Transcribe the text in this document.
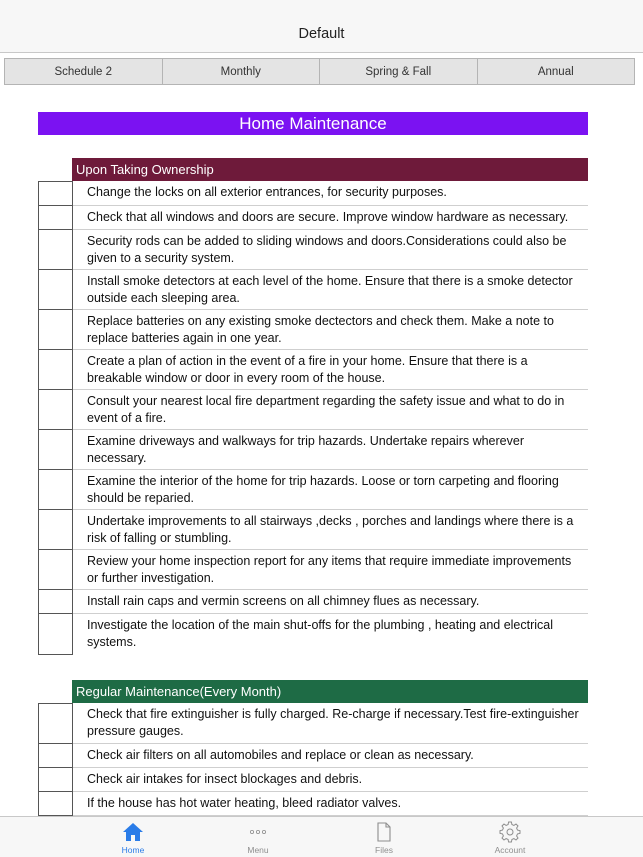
Default
Schedule 2	Monthly	Spring & Fall	Annual
Home Maintenance
Upon Taking Ownership
Change the locks on all exterior entrances, for security purposes.
Check that all windows and doors are secure. Improve window hardware as necessary.
Security rods can be added to sliding windows and doors.Considerations could also be given to a security system.
Install smoke detectors at each level of the home. Ensure that there is a smoke detector outside each sleeping area.
Replace batteries on any existing smoke dectectors and check them. Make a note to replace batteries again in one year.
Create a plan of action in the event of a fire in your home. Ensure that there is a breakable window or door in every room of the house.
Consult your nearest local fire department regarding the safety issue and what to do in event of a fire.
Examine driveways and walkways for trip hazards. Undertake repairs wherever necessary.
Examine the interior of the home for trip hazards. Loose or torn carpeting and flooring should be reparied.
Undertake improvements to all stairways ,decks , porches and landings where there is a risk of falling or stumbling.
Review your home inspection report for any items that require immediate improvements or further investigation.
Install rain caps and vermin screens on all chimney flues as necessary.
Investigate the location of the main shut-offs for the plumbing , heating and electrical systems.
Regular Maintenance(Every Month)
Check that fire extinguisher is fully charged. Re-charge if necessary.Test fire-extinguisher pressure gauges.
Check air filters on all automobiles and replace or clean as necessary.
Check air intakes for insect blockages and debris.
If the house has hot water heating, bleed radiator valves.
Home	Menu	Files	Account
